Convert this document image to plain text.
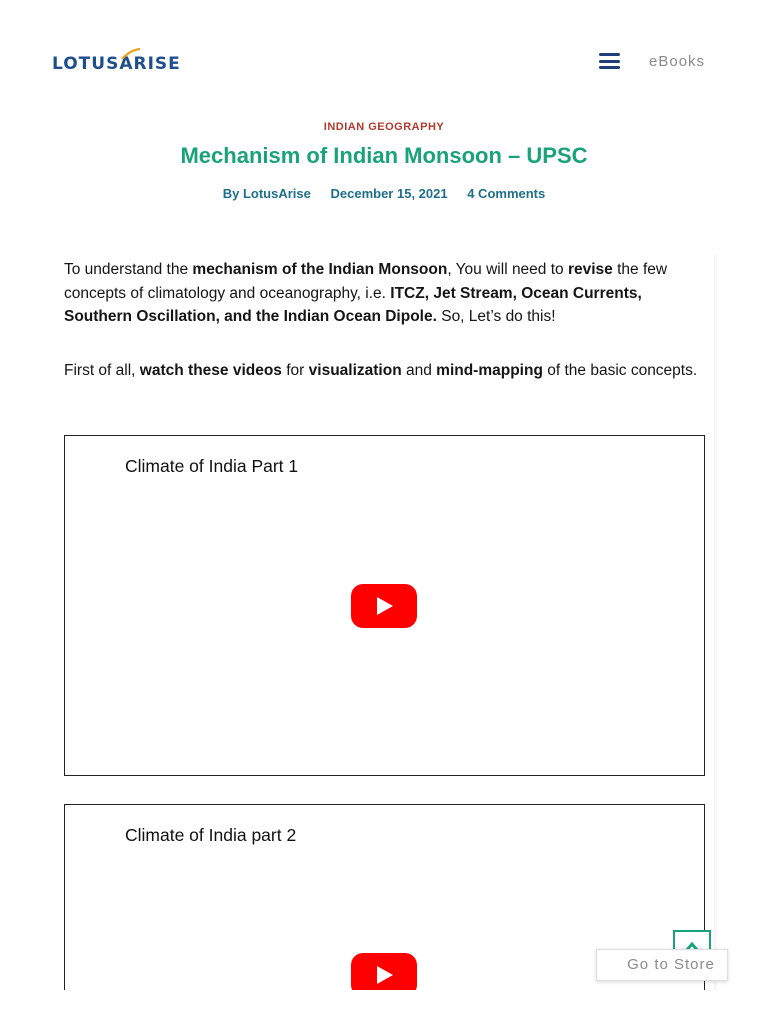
LOTUSARISE	eBooks
INDIAN GEOGRAPHY
Mechanism of Indian Monsoon – UPSC
By LotusArise December 15, 2021 4 Comments

To understand the mechanism of the Indian Monsoon, You will need to revise the few concepts of climatology and oceanography, i.e. ITCZ, Jet Stream, Ocean Currents, Southern Oscillation, and the Indian Ocean Dipole. So, Let’s do this!

First of all, watch these videos for visualization and mind-mapping of the basic concepts.

Climate of India Part 1
Climate of India part 2
Go to Store
